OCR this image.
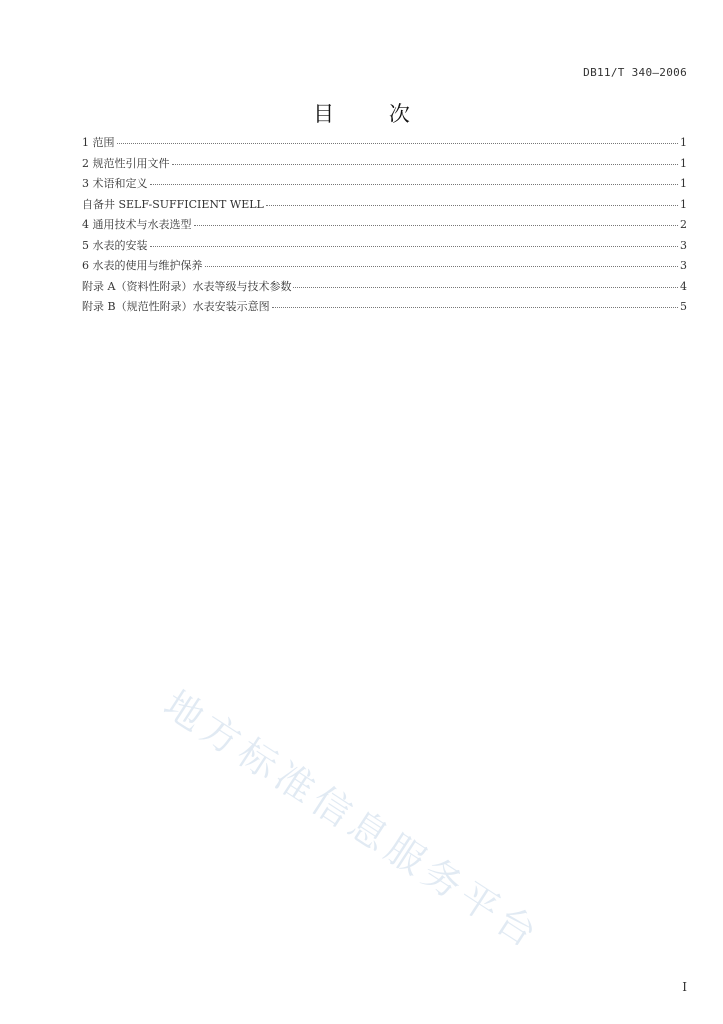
DB11/T 340—2006
目 次
1 范围	1
2 规范性引用文件	1
3 术语和定义	1
自备井 SELF-SUFFICIENT WELL	1
4 通用技术与水表选型	2
5 水表的安装	3
6 水表的使用与维护保养	3
附录 A（资料性附录）水表等级与技术参数	4
附录 B（规范性附录）水表安装示意图	5
地方标准信息服务平台
I
